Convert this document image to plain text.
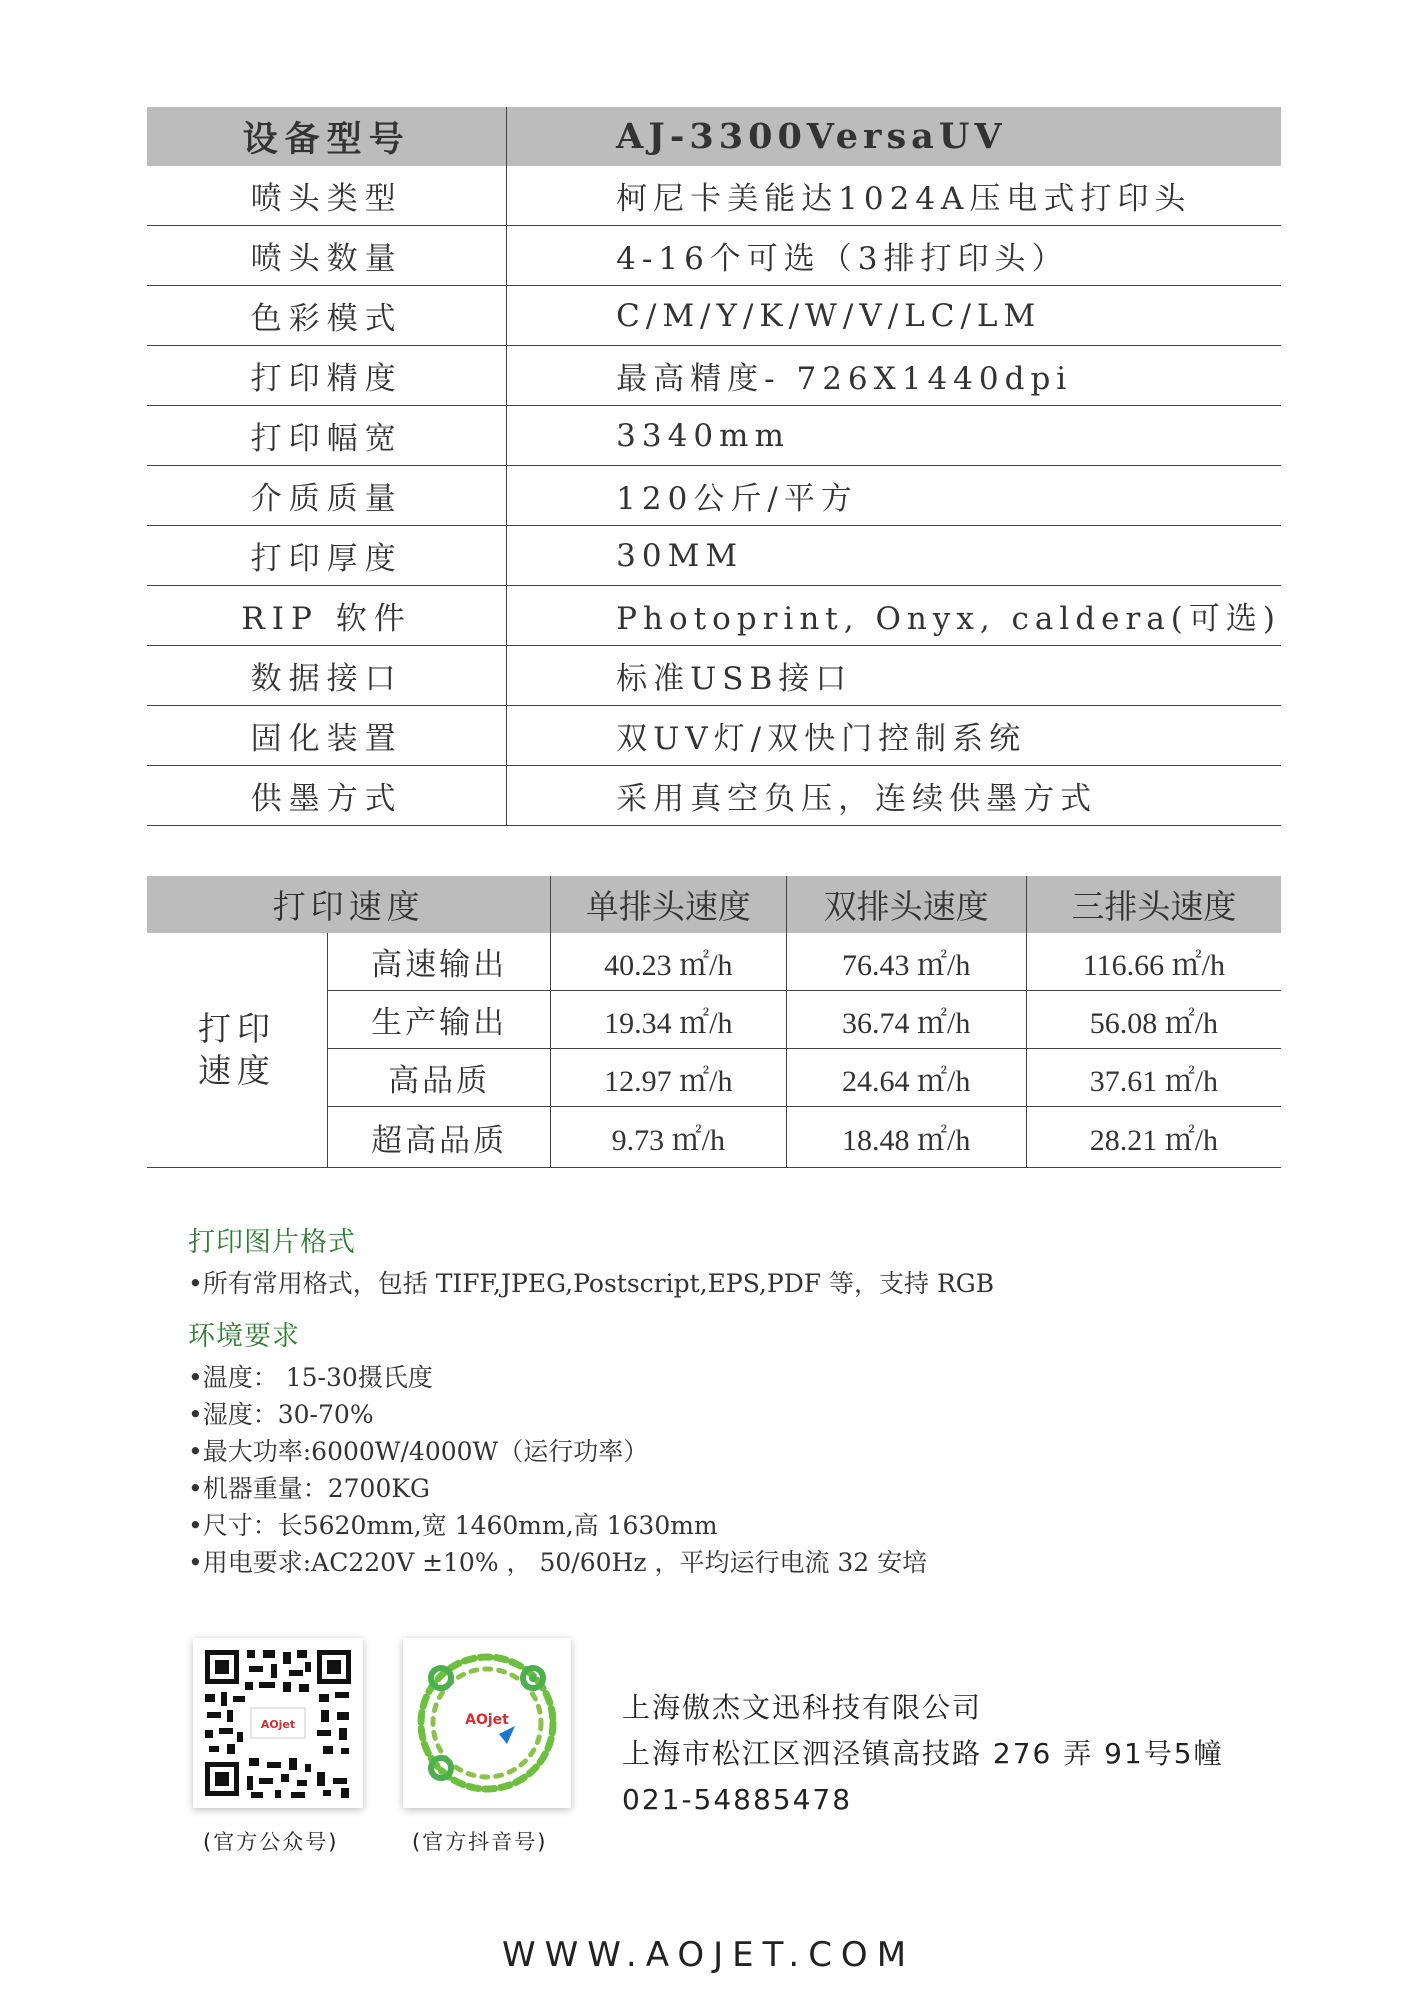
设备型号	AJ-3300VersaUV
喷头类型	柯尼卡美能达1024A压电式打印头
喷头数量	4-16个可选（3排打印头）
色彩模式	C/M/Y/K/W/V/LC/LM
打印精度	最高精度- 726X1440dpi
打印幅宽	3340mm
介质质量	120公斤/平方
打印厚度	30MM
RIP 软件	Photoprint, Onyx, caldera(可选)
数据接口	标准USB接口
固化装置	双UV灯/双快门控制系统
供墨方式	采用真空负压，连续供墨方式
打印速度		单排头速度	双排头速度	三排头速度

打印
速度	高速输出	40.23 ㎡/h	76.43 ㎡/h	116.66 ㎡/h
	生产输出	19.34 ㎡/h	36.74 ㎡/h	56.08 ㎡/h
	高品质	12.97 ㎡/h	24.64 ㎡/h	37.61 ㎡/h
	超高品质	9.73 ㎡/h	18.48 ㎡/h	28.21 ㎡/h
打印图片格式
•所有常用格式，包括 TIFF,JPEG,Postscript,EPS,PDF 等，支持 RGB
环境要求
•温度： 15-30摄氏度
•湿度：30-70%
•最大功率:6000W/4000W（运行功率）
•机器重量：2700KG
•尺寸：长5620mm,宽 1460mm,高 1630mm
•用电要求:AC220V ±10% ， 50/60Hz ，平均运行电流 32 安培
AOjet
(官方公众号)
AOjet
(官方抖音号)
上海傲杰文迅科技有限公司
上海市松江区泗泾镇高技路 276 弄 91号5幢
021-54885478
WWW.AOJET.COM
